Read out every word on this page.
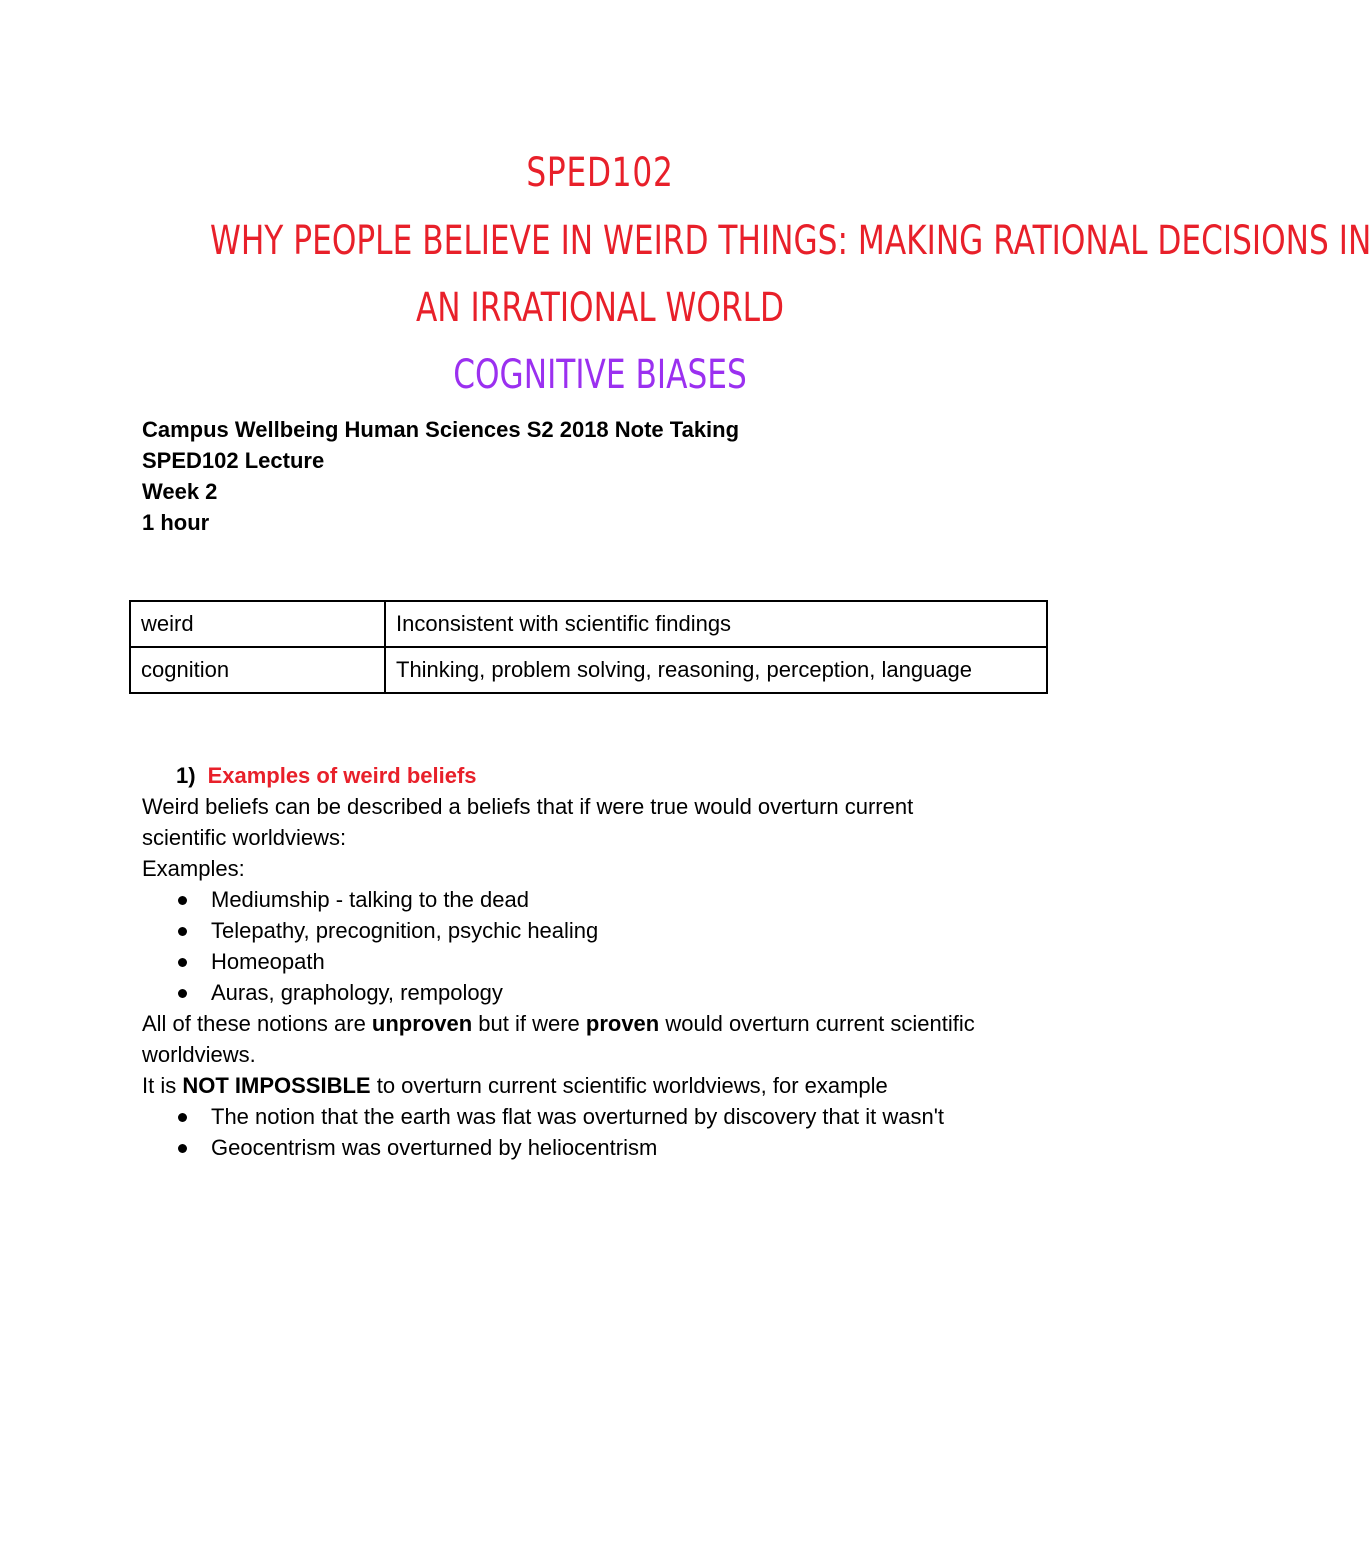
SPED102
WHY PEOPLE BELIEVE IN WEIRD THINGS: MAKING RATIONAL DECISIONS IN
AN IRRATIONAL WORLD
COGNITIVE BIASES
Campus Wellbeing Human Sciences S2 2018 Note Taking
SPED102 Lecture
Week 2
1 hour
weird	Inconsistent with scientific findings
cognition	Thinking, problem solving, reasoning, perception, language
1) Examples of weird beliefs
Weird beliefs can be described a beliefs that if were true would overturn current
scientific worldviews:
Examples:
Mediumship - talking to the dead
Telepathy, precognition, psychic healing
Homeopath
Auras, graphology, rempology
All of these notions are unproven but if were proven would overturn current scientific
worldviews.
It is NOT IMPOSSIBLE to overturn current scientific worldviews, for example
The notion that the earth was flat was overturned by discovery that it wasn't
Geocentrism was overturned by heliocentrism
